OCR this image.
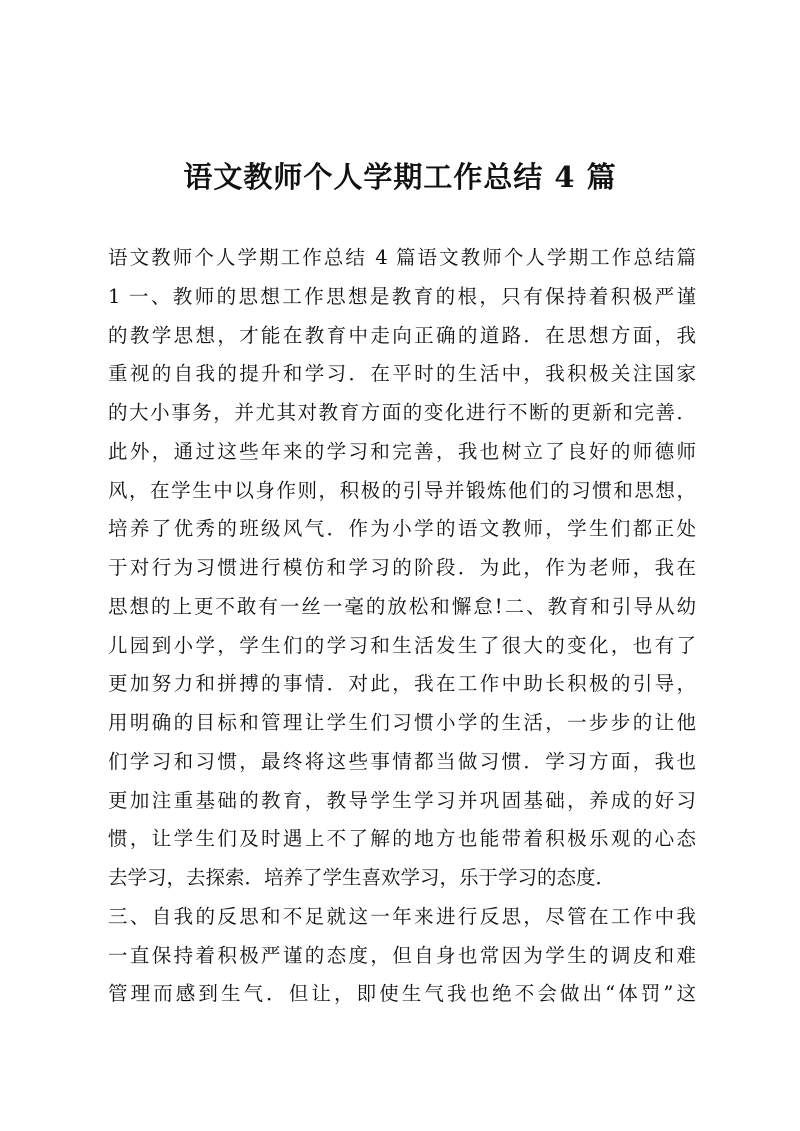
语文教师个人学期工作总结 4 篇
语文教师个人学期工作总结 4 篇语文教师个人学期工作总结篇
1 一、教师的思想工作思想是教育的根，只有保持着积极严谨
的教学思想，才能在教育中走向正确的道路．在思想方面，我
重视的自我的提升和学习．在平时的生活中，我积极关注国家
的大小事务，并尤其对教育方面的变化进行不断的更新和完善．
此外，通过这些年来的学习和完善，我也树立了良好的师德师
风，在学生中以身作则，积极的引导并锻炼他们的习惯和思想，
培养了优秀的班级风气．作为小学的语文教师，学生们都正处
于对行为习惯进行模仿和学习的阶段．为此，作为老师，我在
思想的上更不敢有一丝一毫的放松和懈怠!二、教育和引导从幼
儿园到小学，学生们的学习和生活发生了很大的变化，也有了
更加努力和拼搏的事情．对此，我在工作中助长积极的引导，
用明确的目标和管理让学生们习惯小学的生活，一步步的让他
们学习和习惯，最终将这些事情都当做习惯．学习方面，我也
更加注重基础的教育，教导学生学习并巩固基础，养成的好习
惯，让学生们及时遇上不了解的地方也能带着积极乐观的心态
去学习，去探索．培养了学生喜欢学习，乐于学习的态度．
三、自我的反思和不足就这一年来进行反思，尽管在工作中我
一直保持着积极严谨的态度，但自身也常因为学生的调皮和难
管理而感到生气．但让，即使生气我也绝不会做出“体罚”这
